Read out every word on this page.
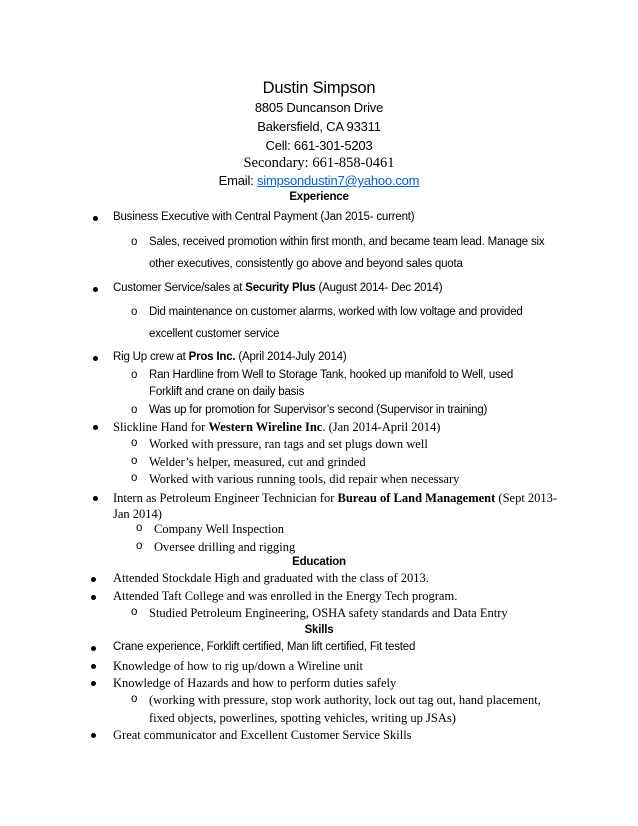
Dustin Simpson
8805 Duncanson Drive
Bakersfield, CA 93311
Cell: 661-301-5203
Secondary: 661-858-0461
Email: simpsondustin7@yahoo.com
Experience
Business Executive with Central Payment (Jan 2015- current)
o Sales, received promotion within first month, and became team lead. Manage six
other executives, consistently go above and beyond sales quota
Customer Service/sales at Security Plus (August 2014- Dec 2014)
o Did maintenance on customer alarms, worked with low voltage and provided
excellent customer service
Rig Up crew at Pros Inc. (April 2014-July 2014)
o Ran Hardline from Well to Storage Tank, hooked up manifold to Well, used
Forklift and crane on daily basis
o Was up for promotion for Supervisor’s second (Supervisor in training)
Slickline Hand for Western Wireline Inc. (Jan 2014-April 2014)
o Worked with pressure, ran tags and set plugs down well
o Welder’s helper, measured, cut and grinded
o Worked with various running tools, did repair when necessary
Intern as Petroleum Engineer Technician for Bureau of Land Management (Sept 2013-
Jan 2014)
o Company Well Inspection
o Oversee drilling and rigging
Education
Attended Stockdale High and graduated with the class of 2013.
Attended Taft College and was enrolled in the Energy Tech program.
o Studied Petroleum Engineering, OSHA safety standards and Data Entry
Skills
Crane experience, Forklift certified, Man lift certified, Fit tested
Knowledge of how to rig up/down a Wireline unit
Knowledge of Hazards and how to perform duties safely
o (working with pressure, stop work authority, lock out tag out, hand placement,
fixed objects, powerlines, spotting vehicles, writing up JSAs)
Great communicator and Excellent Customer Service Skills
